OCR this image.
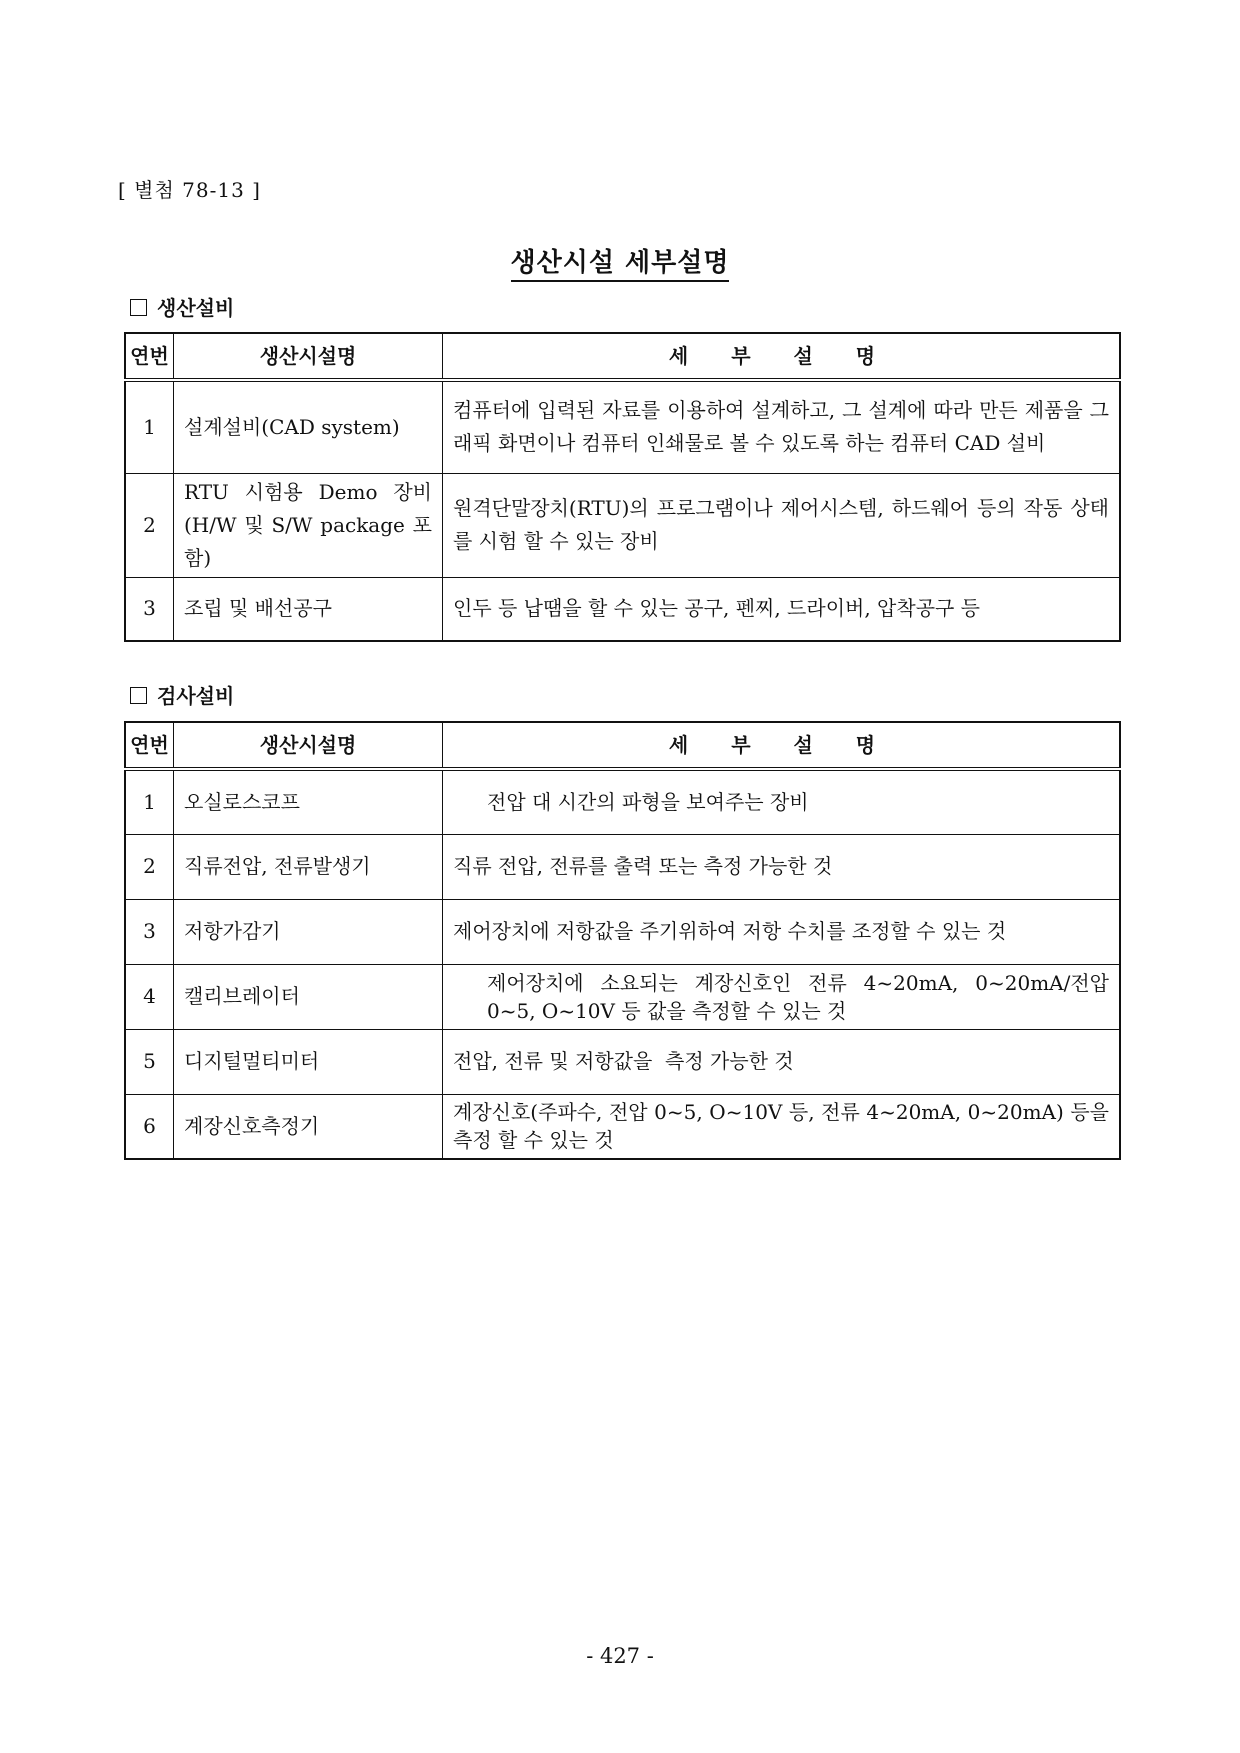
[ 별첨 78-13 ]
생산시설 세부설명
생산설비
연번	생산시설명	세 부 설 명
1	설계설비(CAD system)	컴퓨터에 입력된 자료를 이용하여 설계하고, 그 설계에 따라 만든 제품을 그래픽 화면이나 컴퓨터 인쇄물로 볼 수 있도록 하는 컴퓨터 CAD 설비
2	RTU 시험용 Demo 장비(H/W 및 S/W package 포함)	원격단말장치(RTU)의 프로그램이나 제어시스템, 하드웨어 등의 작동 상태를 시험 할 수 있는 장비
3	조립 및 배선공구	인두 등 납땜을 할 수 있는 공구, 펜찌, 드라이버, 압착공구 등
검사설비
연번	생산시설명	세 부 설 명
1	오실로스코프	전압 대 시간의 파형을 보여주는 장비
2	직류전압, 전류발생기	직류 전압, 전류를 출력 또는 측정 가능한 것
3	저항가감기	제어장치에 저항값을 주기위하여 저항 수치를 조정할 수 있는 것
4	캘리브레이터	제어장치에 소요되는 계장신호인 전류 4~20mA, 0~20mA/전압 0~5, O~10V 등 값을 측정할 수 있는 것
5	디지털멀티미터	전압, 전류 및 저항값을  측정 가능한 것
6	계장신호측정기	계장신호(주파수, 전압 0~5, O~10V 등, 전류 4~20mA, 0~20mA) 등을 측정 할 수 있는 것
- 427 -
